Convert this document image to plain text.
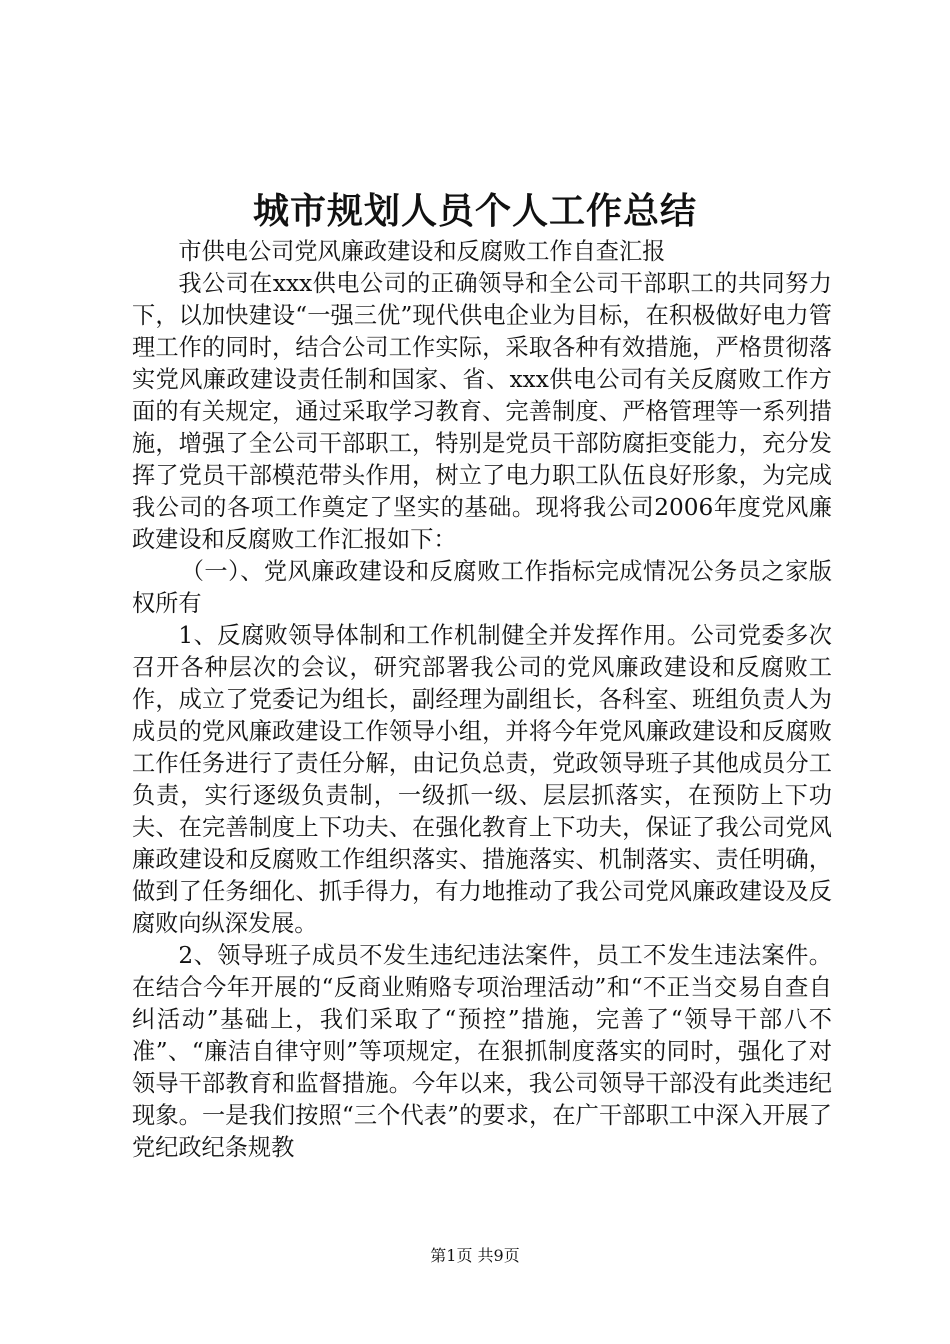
城市规划人员个人工作总结

市供电公司党风廉政建设和反腐败工作自查汇报

我公司在xxx供电公司的正确领导和全公司干部职工的共同努力下，以加快建设“一强三优”现代供电企业为目标，在积极做好电力管理工作的同时，结合公司工作实际，采取各种有效措施，严格贯彻落实党风廉政建设责任制和国家、省、xxx供电公司有关反腐败工作方面的有关规定，通过采取学习教育、完善制度、严格管理等一系列措施，增强了全公司干部职工，特别是党员干部防腐拒变能力，充分发挥了党员干部模范带头作用，树立了电力职工队伍良好形象，为完成我公司的各项工作奠定了坚实的基础。现将我公司2006年度党风廉政建设和反腐败工作汇报如下：

（一）、党风廉政建设和反腐败工作指标完成情况公务员之家版权所有

1、反腐败领导体制和工作机制健全并发挥作用。公司党委多次召开各种层次的会议，研究部署我公司的党风廉政建设和反腐败工作，成立了党委记为组长，副经理为副组长，各科室、班组负责人为成员的党风廉政建设工作领导小组，并将今年党风廉政建设和反腐败工作任务进行了责任分解，由记负总责，党政领导班子其他成员分工负责，实行逐级负责制，一级抓一级、层层抓落实，在预防上下功夫、在完善制度上下功夫、在强化教育上下功夫，保证了我公司党风廉政建设和反腐败工作组织落实、措施落实、机制落实、责任明确，做到了任务细化、抓手得力，有力地推动了我公司党风廉政建设及反腐败向纵深发展。

2、领导班子成员不发生违纪违法案件，员工不发生违法案件。在结合今年开展的“反商业贿赂专项治理活动”和“不正当交易自查自纠活动”基础上，我们采取了“预控”措施，完善了“领导干部八不准”、“廉洁自律守则”等项规定，在狠抓制度落实的同时，强化了对领导干部教育和监督措施。今年以来，我公司领导干部没有此类违纪现象。一是我们按照“三个代表”的要求，在广干部职工中深入开展了党纪政纪条规教

第1页 共9页
